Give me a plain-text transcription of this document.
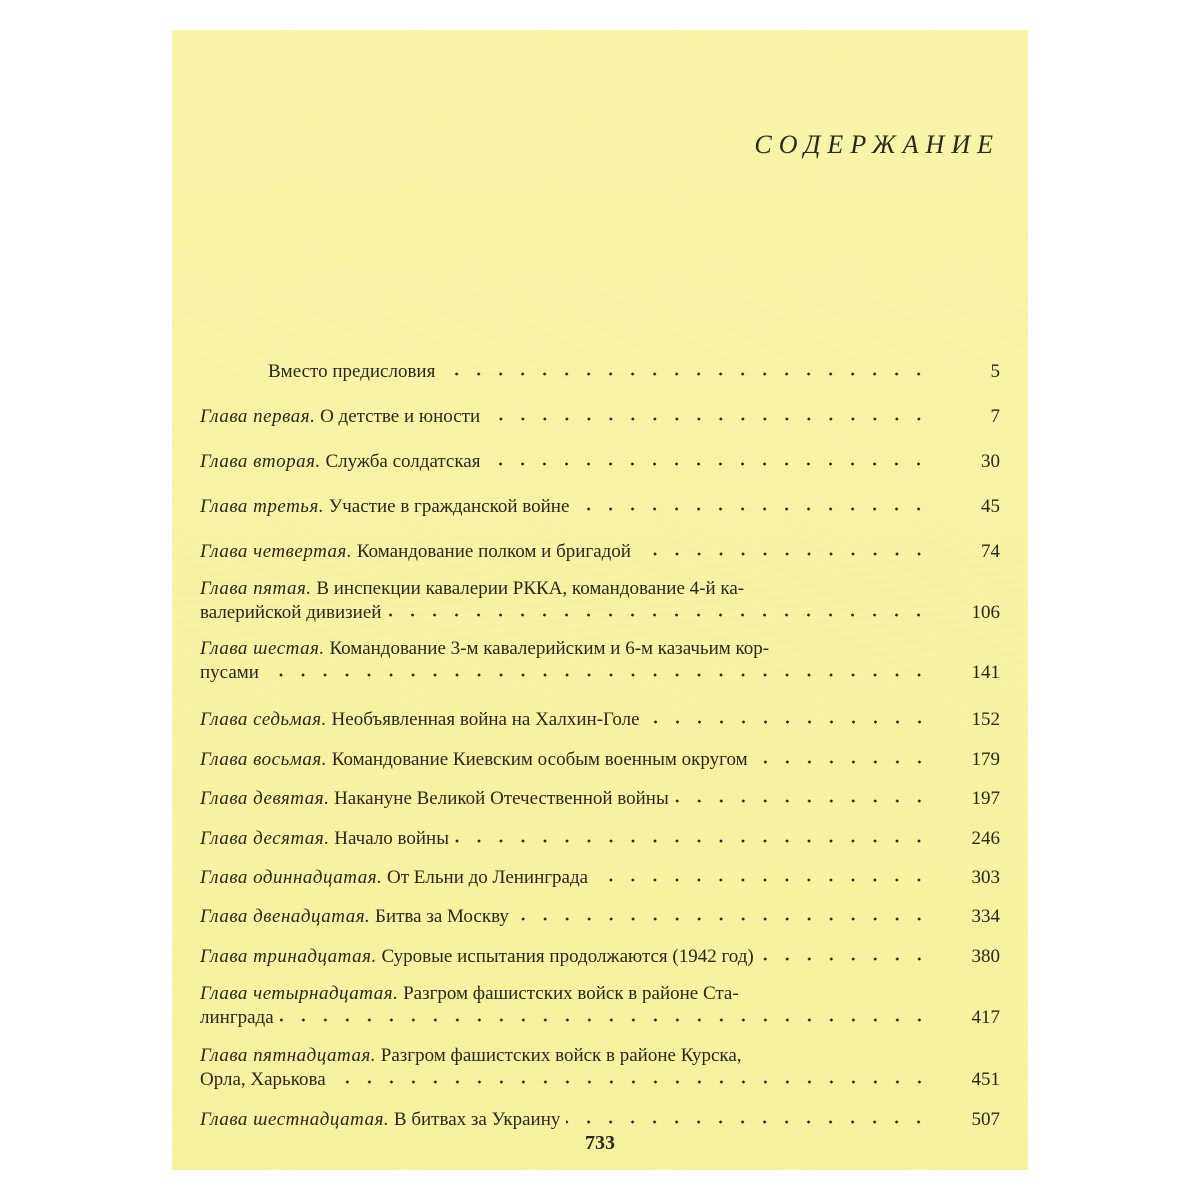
СОДЕРЖАНИЕ
Вместо предисловия	5
Глава первая. О детстве и юности	7
Глава вторая. Служба солдатская	30
Глава третья. Участие в гражданской войне	45
Глава четвертая. Командование полком и бригадой	74
Глава пятая. В инспекции кавалерии РККА, командование 4-й ка-
валерийской дивизией	106
Глава шестая. Командование 3-м кавалерийским и 6-м казачьим кор-
пусами	141
Глава седьмая. Необъявленная война на Халхин-Голе	152
Глава восьмая. Командование Киевским особым военным округом	179
Глава девятая. Накануне Великой Отечественной войны	197
Глава десятая. Начало войны	246
Глава одиннадцатая. От Ельни до Ленинграда	303
Глава двенадцатая. Битва за Москву	334
Глава тринадцатая. Суровые испытания продолжаются (1942 год)	380
Глава четырнадцатая. Разгром фашистских войск в районе Ста-
линграда	417
Глава пятнадцатая. Разгром фашистских войск в районе Курска,
Орла, Харькова	451
Глава шестнадцатая. В битвах за Украину	507
733
